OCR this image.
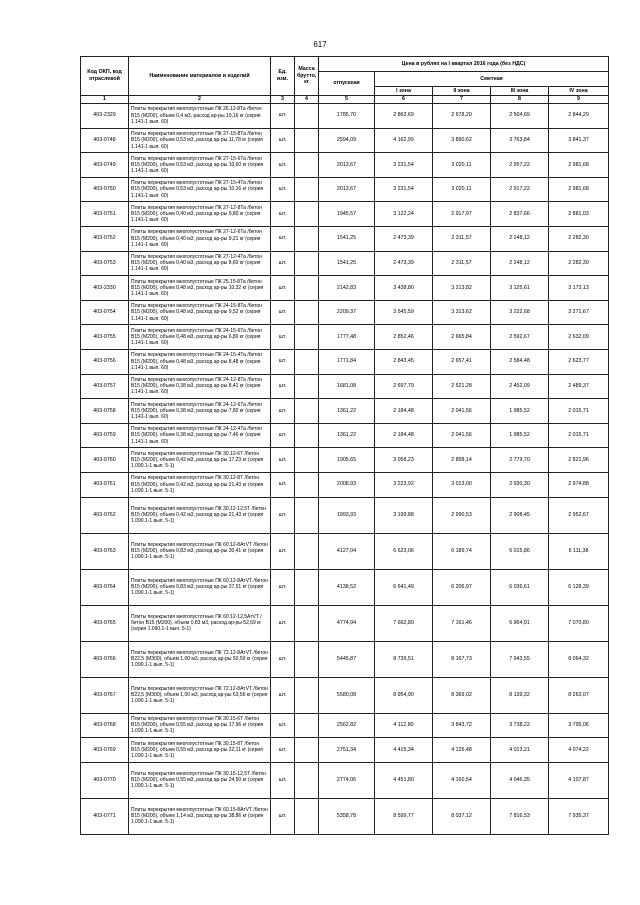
617
Код ОКП, код отраслевой	Наименование материалов и изделий	Ед. изм.	Масса брутто, кг	Цена в рублях на I квартал 2016 года (без НДС)				
				отпускная	Сметная			
					I зона	II зона	III зона	IV зона
1	2	3	4	5	6	7	8	9
403-2329	Плиты перекрытия многопустотные ПК 26.12-8Та /бетон В15 (М200), объем 0,4 м3, расход ар-ры 10,16 кг (серия 1.141-1 вып. 60)	шт.		1785,70	2 863,69	2 678,20	2 504,69	2 844,29
403-0748	Плиты перекрытия многопустотные ПК 27-15-8Та /бетон В15 (М200), объем 0,53 м3, расход ар-ры 11,78 кг (серия 1.141-1 вып. 60)	шт.		2594,09	4 162,99	3 890,62	3 763,84	3 841,37
403-0749	Плиты перекрытия многопустотные ПК 27-15-6Та /бетон В15 (М200), объем 0,53 м3, расход ар-ры 10,60 кг (серия 1.141-1 вып. 60)	шт.		2013,67	3 231,54	3 020,11	2 957,22	2 981,68
403-0750	Плиты перекрытия многопустотные ПК 27-15-4Та /бетон В15 (М200), объем 0,53 м3, расход ар-ры 10,16 кг (серия 1.141-1 вып. 60)	шт.		2013,67	3 231,54	3 020,11	2 917,22	2 981,68
403-0751	Плиты перекрытия многопустотные ПК 27-12-8Та /бетон В15 (М200), объем 0,40 м3, расход ар-ры 9,80 кг (серия 1.141-1 вып. 60)	шт.		1945,57	3 122,24	2 917,97	2 837,66	2 881,03
403-0752	Плиты перекрытия многопустотные ПК 27-12-6Та /бетон В15 (М200), объем 0,40 м3, расход ар-ры 9,21 кг (серия 1.141-1 вып. 60)	шт.		1541,25	2 473,39	2 311,57	2 248,12	2 282,30
403-0753	Плиты перекрытия многопустотные ПК 27-12-4Та /бетон В15 (М200), объем 0,40 м3, расход ар-ры 8,60 кг (серия 1.141-1 вып. 60)	шт.		1541,25	2 473,39	2 311,57	2 248,12	2 282,30
403-2330	Плиты перекрытия многопустотные ПК 25.15-8Та /бетон В15 (М200), объем 0,48 м3, расход ар-ры 10,32 кг (серия 1.141-1 вып. 60)	шт.		2142,83	3 438,80	3 213,82	3 125,61	3 173,13
403-0754	Плиты перекрытия многопустотные ПК 24-15-8Та /бетон В15 (М200), объем 0,48 м3, расход ар-ры 9,52 кг (серия 1.141-1 вып. 60)	шт.		2209,37	3 545,59	3 313,62	3 222,68	3 271,67
403-0755	Плиты перекрытия многопустотные ПК 24-15-6Та /бетон В15 (М200), объем 0,48 м3, расход ар-ры 6,80 кг (серия 1.141-1 вып. 60)	шт.		1777,48	2 852,46	2 665,84	2 592,67	2 632,09
403-0756	Плиты перекрытия многопустотные ПК 24-15-4Та /бетон В15 (М200), объем 0,48 м3, расход ар-ры 8,48 кг (серия 1.141-1 вып. 60)	шт.		1771,84	2 843,45	2 657,41	2 584,48	2 623,77
403-0757	Плиты перекрытия многопустотные ПК 24-12-8Та /бетон В15 (М200), объем 0,38 м3, расход ар-ры 8,41 кг (серия 1.141-1 вып. 60)	шт.		1681,08	2 697,79	2 521,28	2 452,09	2 489,37
403-0758	Плиты перекрытия многопустотные ПК 24-12-6Та /бетон В15 (М200), объем 0,38 м3, расход ар-ры 7,80 кг (серия 1.141-1 вып. 60)	шт.		1361,22	2 184,48	2 041,56	1 985,52	2 015,71
403-0759	Плиты перекрытия многопустотные ПК 24-12-4Та /бетон В15 (М200), объем 0,38 м3, расход ар-ры 7,46 кг (серия 1.141-1 вып. 60)	шт.		1361,22	2 184,48	2 041,56	1 985,52	2 015,71
403-0760	Плиты перекрытия многопустотные ПК 30.12-6Т /бетон В15 (М200), объем 0,42 м3, расход ар-ры 17,23 кг (серия 1.090.1-1 вып. 5-1)	шт.		1905,65	3 058,23	2 858,14	2 779,70	2 821,96
403-0761	Плиты перекрытия многопустотные ПК 30.12-8Т /бетон В15 (М200), объем 0,42 м3, расход ар-ры 21,43 кг (серия 1.090.1-1 вып. 5-1)	шт.		2008,93	3 223,92	3 013,00	2 930,30	2 974,88
403-0762	Плиты перекрытия многопустотные ПК 30.12-12,5Т /бетон В15 (М200), объем 0,42 м3, расход ар-ры 21,43 кг (серия 1.090.1-1 вып. 5-1)	шт.		1993,93	3 199,88	2 990,53	2 908,45	2 952,67
403-0763	Плиты перекрытия многопустотные ПК 60.12-8АтVТ /бетон В15 (М200), объем 0,83 м3, расход ар-ры 30,41 кг (серия 1.090.1-1 вып. 5-1)	шт.		4127,04	6 623,06	6 189,74	6 015,86	6 111,38
403-0764	Плиты перекрытия многопустотные ПК 60.12-8АтVТ /бетон В15 (М200), объем 0,83 м3, расход ар-ры 37,51 кг (серия 1.090.1-1 вып. 5-1)	шт.		4138,52	6 641,49	6 206,97	6 036,61	6 128,39
403-0765	Плиты перекрытия многопустотные ПК 60.12-12,5АтVТ /бетон В15 (М200), объем 0,83 м3, расход ар-ры 52,69 кг (серия 1.090.1-1 вып. 5-1)	шт.		4774,94	7 662,80	7 161,46	6 964,91	7 070,80
403-0766	Плиты перекрытия многопустотные ПК 72.12-8АтVТ /бетон В22,5 (М300), объем 1,00 м3, расход ар-ры 50,59 кг (серия 1.090.1-1 вып. 5-1)	шт.		5445,87	8 739,51	8 167,73	7 943,55	8 064,32
403-0767	Плиты перекрытия многопустотные ПК 72.12-8АтVТ /бетон В22,5 (М300), объем 1,00 м3, расход ар-ры 63,56 кг (серия 1.090.1-1 вып. 5-1)	шт.		5580,08	8 954,90	8 369,02	8 139,32	8 263,07
403-0768	Плиты перекрытия многопустотные ПК 30.15-6Т /бетон В15 (М200), объем 0,55 м3, расход ар-ры 17,96 кг (серия 1.090.1-1 вып. 5-1)	шт.		2562,82	4 112,80	3 843,72	3 738,22	3 795,06
403-0769	Плиты перекрытия многопустотные ПК 30.15-8Т /бетон В15 (М200), объем 0,55 м3, расход ар-ры 22,11 кг (серия 1.090.1-1 вып. 5-1)	шт.		2751,34	4 415,34	4 126,48	4 013,21	4 074,22
403-0770	Плиты перекрытия многопустотные ПК 30.15-12,5Т /бетон В15 (М200), объем 0,55 м3, расход ар-ры 24,50 кг (серия 1.090.1-1 вып. 5-1)	шт.		2774,06	4 451,80	4 160,54	4 046,35	4 107,87
403-0771	Плиты перекрытия многопустотные ПК 60.15-8АтVТ /бетон В15 (М200), объем 1,14 м3, расход ар-ры 38,86 кг (серия 1.090.1-1 вып. 5-1)	шт.		5358,78	8 599,77	8 037,12	7 816,53	7 935,37
